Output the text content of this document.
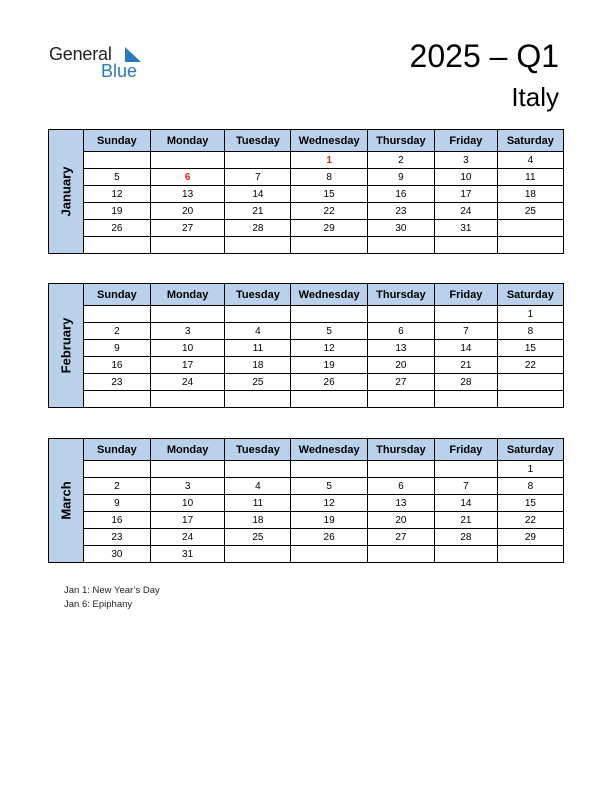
General
Blue	2025 – Q1
Italy
January
Sunday	Monday	Tuesday	Wednesday	Thursday	Friday	Saturday
			1	2	3	4
5	6	7	8	9	10	11
12	13	14	15	16	17	18
19	20	21	22	23	24	25
26	27	28	29	30	31	

February
Sunday	Monday	Tuesday	Wednesday	Thursday	Friday	Saturday
						1
2	3	4	5	6	7	8
9	10	11	12	13	14	15
16	17	18	19	20	21	22
23	24	25	26	27	28	

March
Sunday	Monday	Tuesday	Wednesday	Thursday	Friday	Saturday
						1
2	3	4	5	6	7	8
9	10	11	12	13	14	15
16	17	18	19	20	21	22
23	24	25	26	27	28	29
30	31					
Jan 1: New Year’s Day
Jan 6: Epiphany
